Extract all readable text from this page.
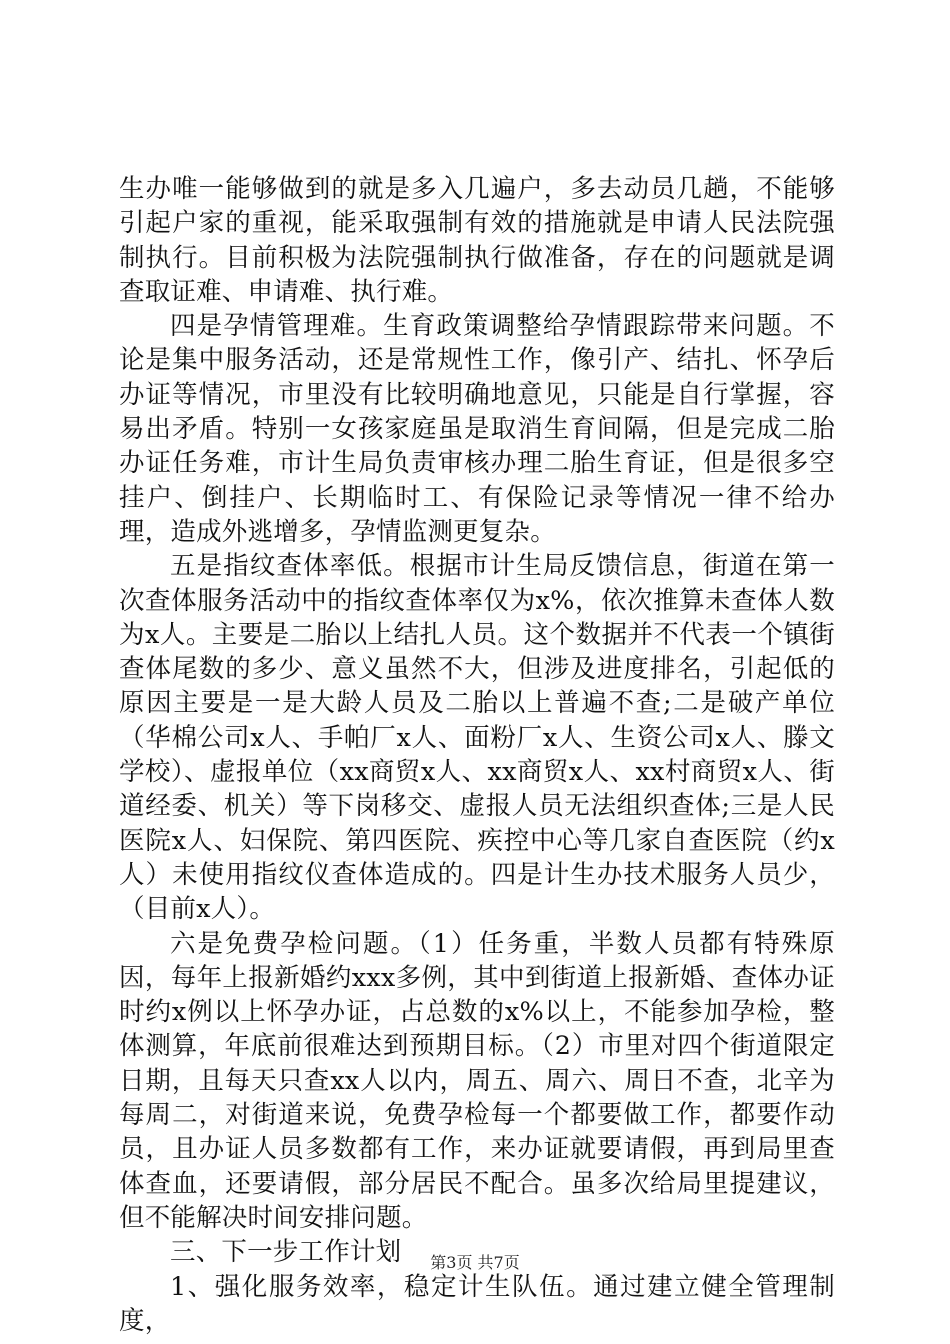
生办唯一能够做到的就是多入几遍户，多去动员几趟，不能够引起户家的重视，能采取强制有效的措施就是申请人民法院强制执行。目前积极为法院强制执行做准备，存在的问题就是调查取证难、申请难、执行难。

四是孕情管理难。生育政策调整给孕情跟踪带来问题。不论是集中服务活动，还是常规性工作，像引产、结扎、怀孕后办证等情况，市里没有比较明确地意见，只能是自行掌握，容易出矛盾。特别一女孩家庭虽是取消生育间隔，但是完成二胎办证任务难，市计生局负责审核办理二胎生育证，但是很多空挂户、倒挂户、长期临时工、有保险记录等情况一律不给办理，造成外逃增多，孕情监测更复杂。

五是指纹查体率低。根据市计生局反馈信息，街道在第一次查体服务活动中的指纹查体率仅为x%，依次推算未查体人数为x人。主要是二胎以上结扎人员。这个数据并不代表一个镇街查体尾数的多少、意义虽然不大，但涉及进度排名，引起低的原因主要是一是大龄人员及二胎以上普遍不查;二是破产单位（华棉公司x人、手帕厂x人、面粉厂x人、生资公司x人、滕文学校）、虚报单位（xx商贸x人、xx商贸x人、xx村商贸x人、街道经委、机关）等下岗移交、虚报人员无法组织查体;三是人民医院x人、妇保院、第四医院、疾控中心等几家自查医院（约x人）未使用指纹仪查体造成的。四是计生办技术服务人员少，（目前x人）。

六是免费孕检问题。（1）任务重，半数人员都有特殊原因，每年上报新婚约xxx多例，其中到街道上报新婚、查体办证时约x例以上怀孕办证，占总数的x%以上，不能参加孕检，整体测算，年底前很难达到预期目标。（2）市里对四个街道限定日期，且每天只查xx人以内，周五、周六、周日不查，北辛为每周二，对街道来说，免费孕检每一个都要做工作，都要作动员，且办证人员多数都有工作，来办证就要请假，再到局里查体查血，还要请假，部分居民不配合。虽多次给局里提建议，但不能解决时间安排问题。

三、下一步工作计划

1、强化服务效率，稳定计生队伍。通过建立健全管理制度，

第3页 共7页
